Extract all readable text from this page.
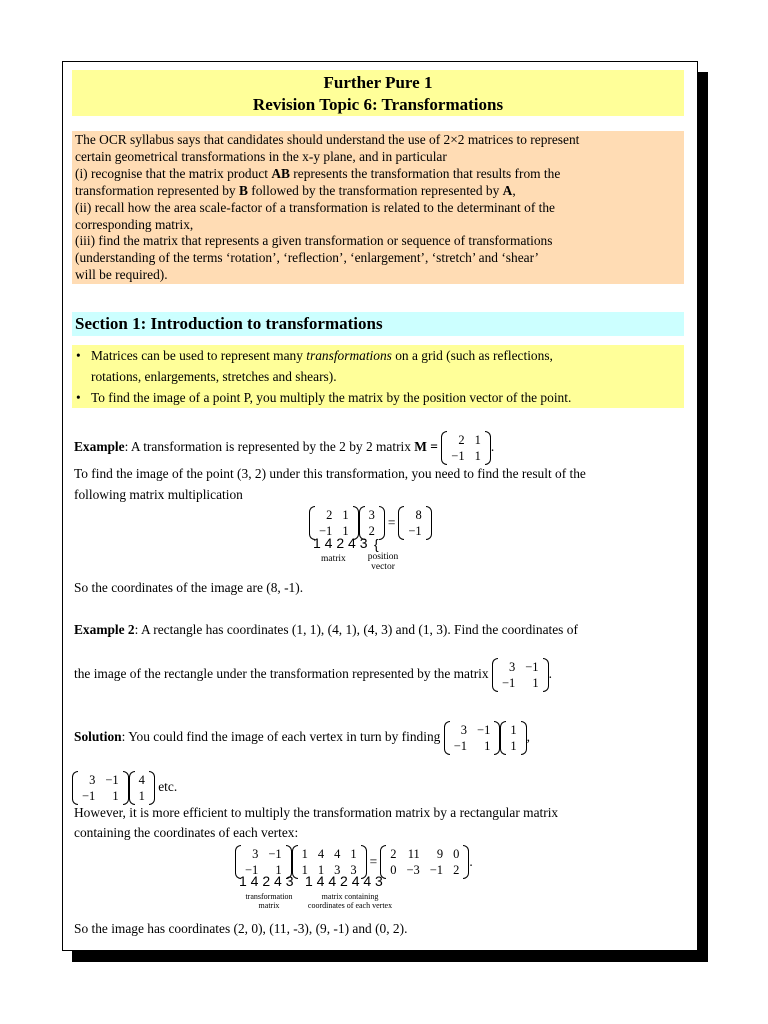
Further Pure 1
Revision Topic 6: Transformations
The OCR syllabus says that candidates should understand the use of 2×2 matrices to represent
certain geometrical transformations in the x-y plane, and in particular
(i) recognise that the matrix product AB represents the transformation that results from the
transformation represented by B followed by the transformation represented by A,
(ii) recall how the area scale-factor of a transformation is related to the determinant of the
corresponding matrix,
(iii) find the matrix that represents a given transformation or sequence of transformations
(understanding of the terms ‘rotation’, ‘reflection’, ‘enlargement’, ‘stretch’ and ‘shear’
will be required).
Section 1: Introduction to transformations
• Matrices can be used to represent many transformations on a grid (such as reflections,
rotations, enlargements, stretches and shears).
• To find the image of a point P, you multiply the matrix by the position vector of the point.
Example: A transformation is represented by the 2 by 2 matrix M =	2 1
−1 1
.
To find the image of the point (3, 2) under this transformation, you need to find the result of the
following matrix multiplication
2 1
−1 1
3
2
=	8
−1
1 4 2 4 3 {
matrix	position
vector
So the coordinates of the image are (8, -1).
Example 2: A rectangle has coordinates (1, 1), (4, 1), (4, 3) and (1, 3). Find the coordinates of
the image of the rectangle under the transformation represented by the matrix	3 −1
−1	1
.
Solution: You could find the image of each vertex in turn by finding	3 −1
−1	1
1
1
,
3 −1
−1	1
4
1
etc.
However, it is more efficient to multiply the transformation matrix by a rectangular matrix
containing the coordinates of each vertex:
3 −1
−1	1
1 4 4 1
1 1 3 3
= 2 11	9 0
0 −3 −1 2
.
1 4 2 4 3 1 4 4 2 4 4 3
transformation
matrix
matrix containing
coordinates of each vertex
So the image has coordinates (2, 0), (11, -3), (9, -1) and (0, 2).
